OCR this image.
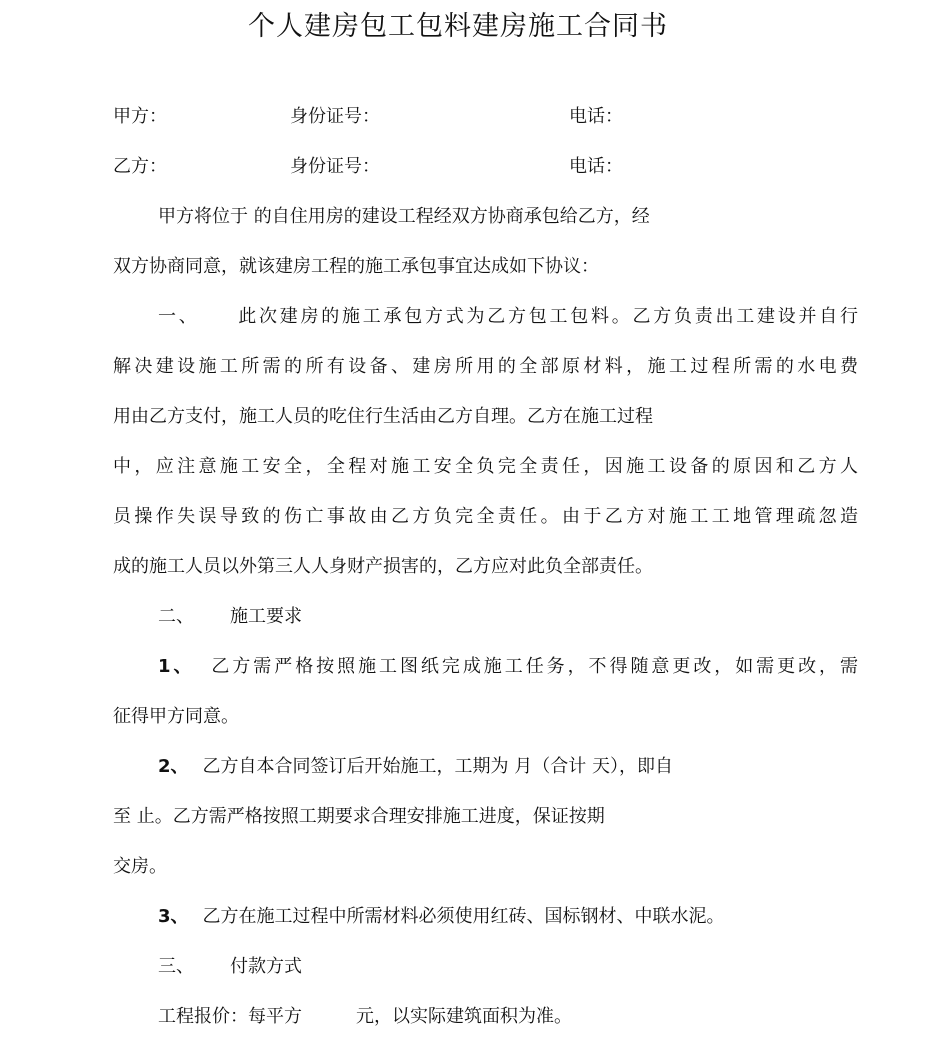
个人建房包工包料建房施工合同书
甲方：	身份证号：	电话：
乙方：	身份证号：	电话：

甲方将位于 的自住用房的建设工程经双方协商承包给乙方，经

双方协商同意，就该建房工程的施工承包事宜达成如下协议：

一、 此次建房的施工承包方式为乙方包工包料。乙方负责出工建设并自行

解决建设施工所需的所有设备、建房所用的全部原材料，施工过程所需的水电费

用由乙方支付，施工人员的吃住行生活由乙方自理。乙方在施工过程

中，应注意施工安全，全程对施工安全负完全责任，因施工设备的原因和乙方人

员操作失误导致的伤亡事故由乙方负完全责任。由于乙方对施工工地管理疏忽造

成的施工人员以外第三人人身财产损害的，乙方应对此负全部责任。

二、 施工要求

1、 乙方需严格按照施工图纸完成施工任务，不得随意更改，如需更改，需

征得甲方同意。

2、 乙方自本合同签订后开始施工，工期为 月（合计 天），即自

至 止。乙方需严格按照工期要求合理安排施工进度，保证按期

交房。

3、 乙方在施工过程中所需材料必须使用红砖、国标钢材、中联水泥。

三、 付款方式

工程报价：每平方	元，以实际建筑面积为准。
